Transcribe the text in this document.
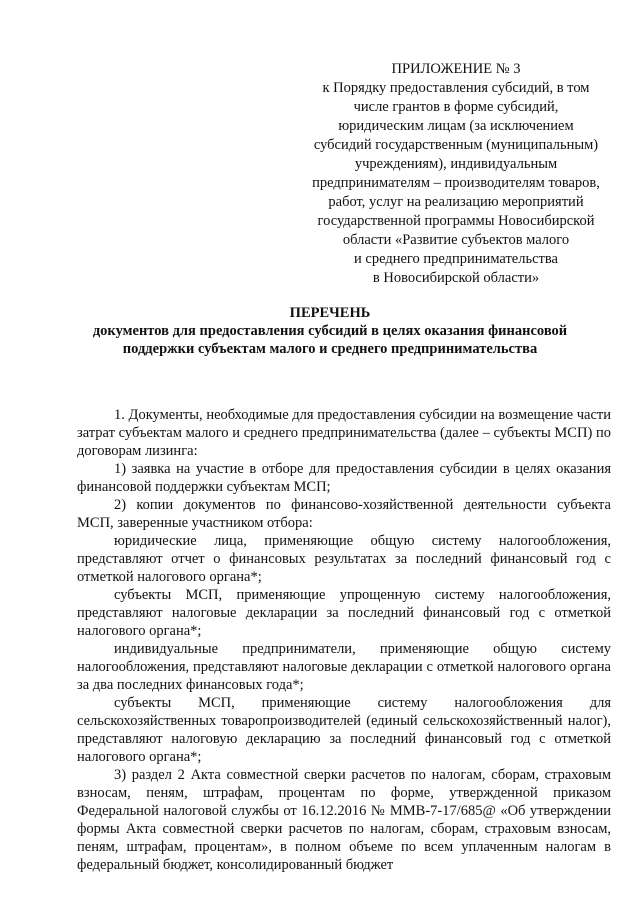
ПРИЛОЖЕНИЕ № 3
к Порядку предоставления субсидий, в том
числе грантов в форме субсидий,
юридическим лицам (за исключением
субсидий государственным (муниципальным)
учреждениям), индивидуальным
предпринимателям – производителям товаров,
работ, услуг на реализацию мероприятий
государственной программы Новосибирской
области «Развитие субъектов малого
и среднего предпринимательства
в Новосибирской области»
ПЕРЕЧЕНЬ
документов для предоставления субсидий в целях оказания финансовой
поддержки субъектам малого и среднего предпринимательства

1. Документы, необходимые для предоставления субсидии на возмещение части затрат субъектам малого и среднего предпринимательства (далее – субъекты МСП) по договорам лизинга:

1) заявка на участие в отборе для предоставления субсидии в целях оказания финансовой поддержки субъектам МСП;

2) копии документов по финансово-хозяйственной деятельности субъекта МСП, заверенные участником отбора:

юридические лица, применяющие общую систему налогообложения, представляют отчет о финансовых результатах за последний финансовый год с отметкой налогового органа*;

субъекты МСП, применяющие упрощенную систему налогообложения, представляют налоговые декларации за последний финансовый год с отметкой налогового органа*;

индивидуальные предприниматели, применяющие общую систему налогообложения, представляют налоговые декларации с отметкой налогового органа за два последних финансовых года*;

субъекты МСП, применяющие систему налогообложения для сельскохозяйственных товаропроизводителей (единый сельскохозяйственный налог), представляют налоговую декларацию за последний финансовый год с отметкой налогового органа*;

3) раздел 2 Акта совместной сверки расчетов по налогам, сборам, страховым взносам, пеням, штрафам, процентам по форме, утвержденной приказом Федеральной налоговой службы от 16.12.2016 № ММВ-7-17/685@ «Об утверждении формы Акта совместной сверки расчетов по налогам, сборам, страховым взносам, пеням, штрафам, процентам», в полном объеме по всем уплаченным налогам в федеральный бюджет, консолидированный бюджет
